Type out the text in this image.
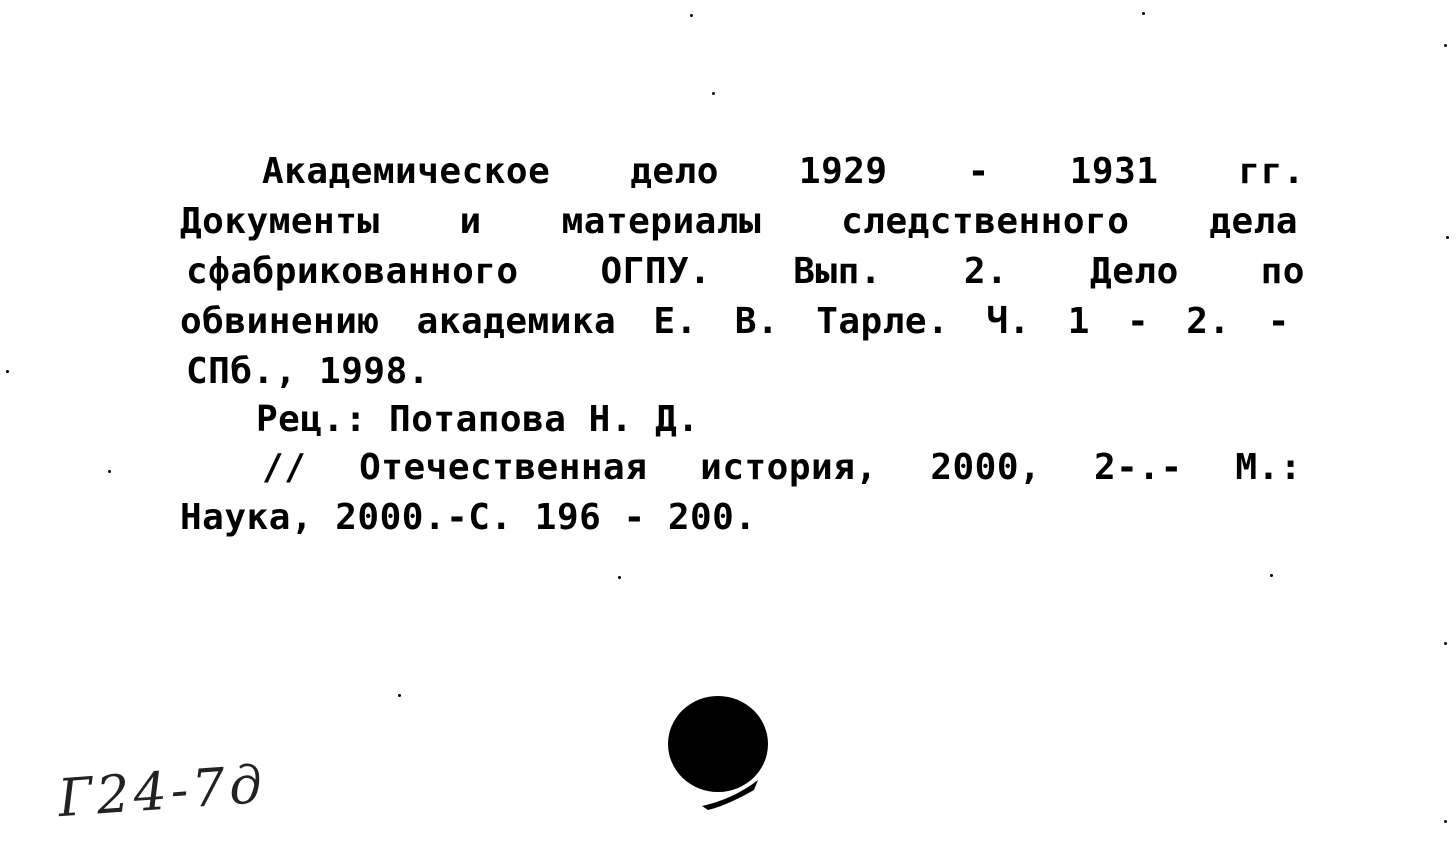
Академическое дело 1929 - 1931 гг.
Документы и материалы следственного дела
сфабрикованного ОГПУ. Вып. 2. Дело по
обвинению академика Е. В. Тарле. Ч. 1 - 2. -
СПб., 1998.
Рец.: Потапова Н. Д.
// Отечественная история, 2000, 2-.- М.:
Наука, 2000.-С. 196 - 200.
Г24-7д
